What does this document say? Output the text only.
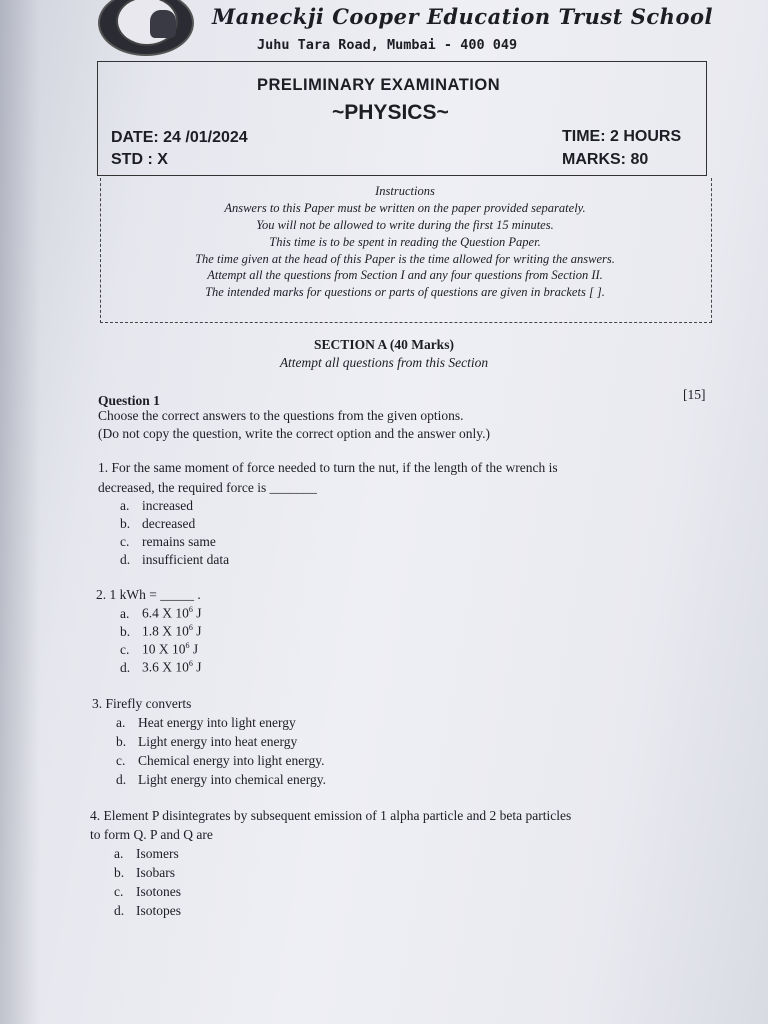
Maneckji Cooper Education Trust School
Juhu Tara Road, Mumbai - 400 049
PRELIMINARY EXAMINATION
~PHYSICS~
DATE: 24 /01/2024
STD : X
TIME: 2 HOURS
MARKS: 80
Instructions
Answers to this Paper must be written on the paper provided separately.
You will not be allowed to write during the first 15 minutes.
This time is to be spent in reading the Question Paper.
The time given at the head of this Paper is the time allowed for writing the answers.
Attempt all the questions from Section I and any four questions from Section II.
The intended marks for questions or parts of questions are given in brackets [ ].
SECTION A (40 Marks)
Attempt all questions from this Section
Question 1	[15]
Choose the correct answers to the questions from the given options.
(Do not copy the question, write the correct option and the answer only.)
1. For the same moment of force needed to turn the nut, if the length of the wrench is
decreased, the required force is _______
a. increased
b. decreased
c. remains same
d. insufficient data
2. 1 kWh = _____ .
a. 6.4 X $10^6$ J
b. 1.8 X $10^6$ J
c. 10 X $10^6$ J
d. 3.6 X $10^6$ J
3. Firefly converts
a. Heat energy into light energy
b. Light energy into heat energy
c. Chemical energy into light energy.
d. Light energy into chemical energy.
4. Element P disintegrates by subsequent emission of 1 alpha particle and 2 beta particles
to form Q. P and Q are
a. Isomers
b. Isobars
c. Isotones
d. Isotopes
